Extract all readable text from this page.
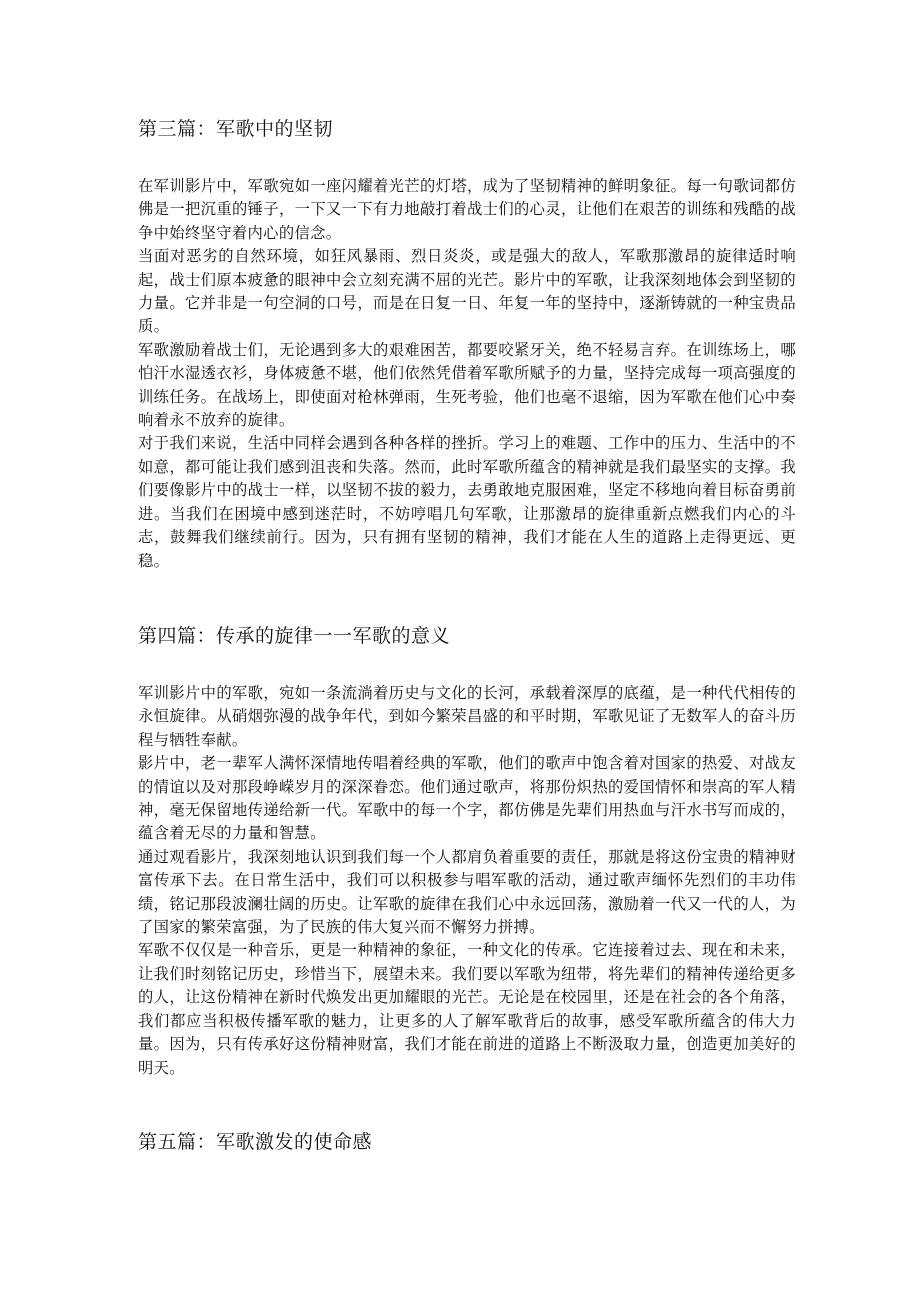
第三篇：军歌中的坚韧

在军训影片中，军歌宛如一座闪耀着光芒的灯塔，成为了坚韧精神的鲜明象征。每一句歌词都仿佛是一把沉重的锤子，一下又一下有力地敲打着战士们的心灵，让他们在艰苦的训练和残酷的战争中始终坚守着内心的信念。

当面对恶劣的自然环境，如狂风暴雨、烈日炎炎，或是强大的敌人，军歌那激昂的旋律适时响起，战士们原本疲惫的眼神中会立刻充满不屈的光芒。影片中的军歌，让我深刻地体会到坚韧的力量。它并非是一句空洞的口号，而是在日复一日、年复一年的坚持中，逐渐铸就的一种宝贵品质。

军歌激励着战士们，无论遇到多大的艰难困苦，都要咬紧牙关，绝不轻易言弃。在训练场上，哪怕汗水湿透衣衫，身体疲惫不堪，他们依然凭借着军歌所赋予的力量，坚持完成每一项高强度的训练任务。在战场上，即使面对枪林弹雨，生死考验，他们也毫不退缩，因为军歌在他们心中奏响着永不放弃的旋律。

对于我们来说，生活中同样会遇到各种各样的挫折。学习上的难题、工作中的压力、生活中的不如意，都可能让我们感到沮丧和失落。然而，此时军歌所蕴含的精神就是我们最坚实的支撑。我们要像影片中的战士一样，以坚韧不拔的毅力，去勇敢地克服困难，坚定不移地向着目标奋勇前进。当我们在困境中感到迷茫时，不妨哼唱几句军歌，让那激昂的旋律重新点燃我们内心的斗志，鼓舞我们继续前行。因为，只有拥有坚韧的精神，我们才能在人生的道路上走得更远、更稳。

第四篇：传承的旋律一一军歌的意义

军训影片中的军歌，宛如一条流淌着历史与文化的长河，承载着深厚的底蕴，是一种代代相传的永恒旋律。从硝烟弥漫的战争年代，到如今繁荣昌盛的和平时期，军歌见证了无数军人的奋斗历程与牺牲奉献。

影片中，老一辈军人满怀深情地传唱着经典的军歌，他们的歌声中饱含着对国家的热爱、对战友的情谊以及对那段峥嵘岁月的深深眷恋。他们通过歌声，将那份炽热的爱国情怀和崇高的军人精神，毫无保留地传递给新一代。军歌中的每一个字，都仿佛是先辈们用热血与汗水书写而成的，蕴含着无尽的力量和智慧。

通过观看影片，我深刻地认识到我们每一个人都肩负着重要的责任，那就是将这份宝贵的精神财富传承下去。在日常生活中，我们可以积极参与唱军歌的活动，通过歌声缅怀先烈们的丰功伟绩，铭记那段波澜壮阔的历史。让军歌的旋律在我们心中永远回荡，激励着一代又一代的人，为了国家的繁荣富强，为了民族的伟大复兴而不懈努力拼搏。

军歌不仅仅是一种音乐，更是一种精神的象征，一种文化的传承。它连接着过去、现在和未来，让我们时刻铭记历史，珍惜当下，展望未来。我们要以军歌为纽带，将先辈们的精神传递给更多的人，让这份精神在新时代焕发出更加耀眼的光芒。无论是在校园里，还是在社会的各个角落，我们都应当积极传播军歌的魅力，让更多的人了解军歌背后的故事，感受军歌所蕴含的伟大力量。因为，只有传承好这份精神财富，我们才能在前进的道路上不断汲取力量，创造更加美好的明天。

第五篇：军歌激发的使命感
